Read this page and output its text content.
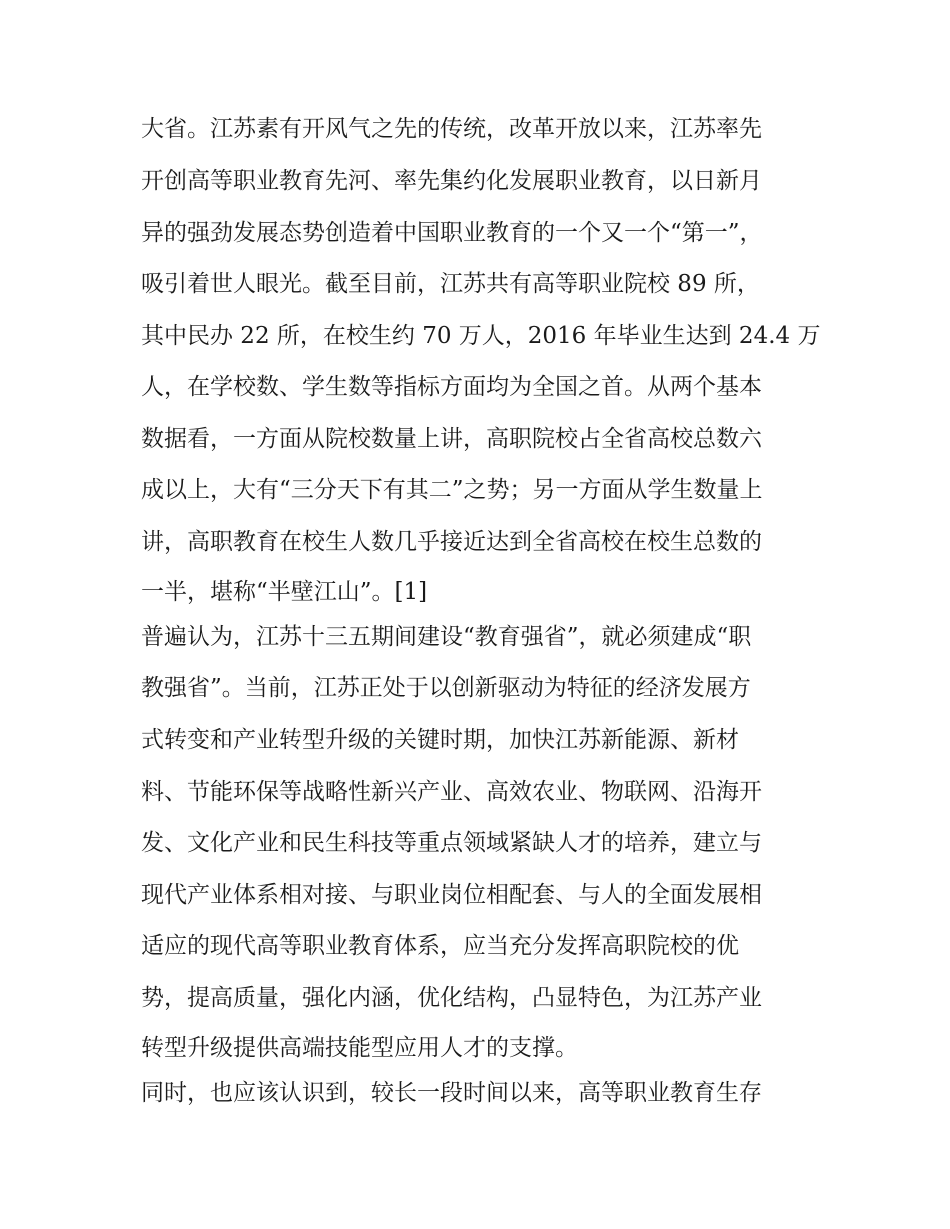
大省。江苏素有开风气之先的传统，改革开放以来，江苏率先
开创高等职业教育先河、率先集约化发展职业教育，以日新月
异的强劲发展态势创造着中国职业教育的一个又一个“第一”，
吸引着世人眼光。截至目前，江苏共有高等职业院校 89 所，
其中民办 22 所，在校生约 70 万人，2016 年毕业生达到 24.4 万
人，在学校数、学生数等指标方面均为全国之首。从两个基本
数据看，一方面从院校数量上讲，高职院校占全省高校总数六
成以上，大有“三分天下有其二”之势；另一方面从学生数量上
讲，高职教育在校生人数几乎接近达到全省高校在校生总数的
一半，堪称“半壁江山”。[1]
普遍认为，江苏十三五期间建设“教育强省”，就必须建成“职
教强省”。当前，江苏正处于以创新驱动为特征的经济发展方
式转变和产业转型升级的关键时期，加快江苏新能源、新材
料、节能环保等战略性新兴产业、高效农业、物联网、沿海开
发、文化产业和民生科技等重点领域紧缺人才的培养，建立与
现代产业体系相对接、与职业岗位相配套、与人的全面发展相
适应的现代高等职业教育体系，应当充分发挥高职院校的优
势，提高质量，强化内涵，优化结构，凸显特色，为江苏产业
转型升级提供高端技能型应用人才的支撑。
同时，也应该认识到，较长一段时间以来，高等职业教育生存
